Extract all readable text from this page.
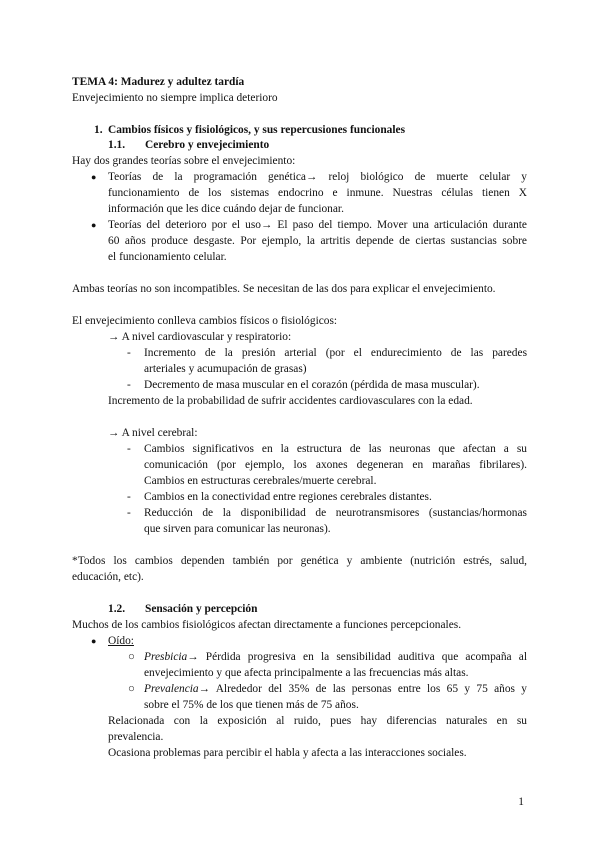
TEMA 4: Madurez y adultez tardía
Envejecimiento no siempre implica deterioro
1. Cambios físicos y fisiológicos, y sus repercusiones funcionales
1.1. Cerebro y envejecimiento
Hay dos grandes teorías sobre el envejecimiento:
● Teorías de la programación genética→ reloj biológico de muerte celular y
funcionamiento de los sistemas endocrino e inmune. Nuestras células tienen X
información que les dice cuándo dejar de funcionar.
● Teorías del deterioro por el uso→ El paso del tiempo. Mover una articulación durante
60 años produce desgaste. Por ejemplo, la artritis depende de ciertas sustancias sobre
el funcionamiento celular.
Ambas teorías no son incompatibles. Se necesitan de las dos para explicar el envejecimiento.
El envejecimiento conlleva cambios físicos o fisiológicos:
→ A nivel cardiovascular y respiratorio:
- Incremento de la presión arterial (por el endurecimiento de las paredes
arteriales y acumupación de grasas)
- Decremento de masa muscular en el corazón (pérdida de masa muscular).
Incremento de la probabilidad de sufrir accidentes cardiovasculares con la edad.
→ A nivel cerebral:
- Cambios significativos en la estructura de las neuronas que afectan a su
comunicación (por ejemplo, los axones degeneran en marañas fibrilares).
Cambios en estructuras cerebrales/muerte cerebral.
- Cambios en la conectividad entre regiones cerebrales distantes.
- Reducción de la disponibilidad de neurotransmisores (sustancias/hormonas
que sirven para comunicar las neuronas).
*Todos los cambios dependen también por genética y ambiente (nutrición estrés, salud,
educación, etc).
1.2. Sensación y percepción
Muchos de los cambios fisiológicos afectan directamente a funciones percepcionales.
● Oído:
○ Presbicia→ Pérdida progresiva en la sensibilidad auditiva que acompaña al
envejecimiento y que afecta principalmente a las frecuencias más altas.
○ Prevalencia→ Alrededor del 35% de las personas entre los 65 y 75 años y
sobre el 75% de los que tienen más de 75 años.
Relacionada con la exposición al ruido, pues hay diferencias naturales en su
prevalencia.
Ocasiona problemas para percibir el habla y afecta a las interacciones sociales.
1
